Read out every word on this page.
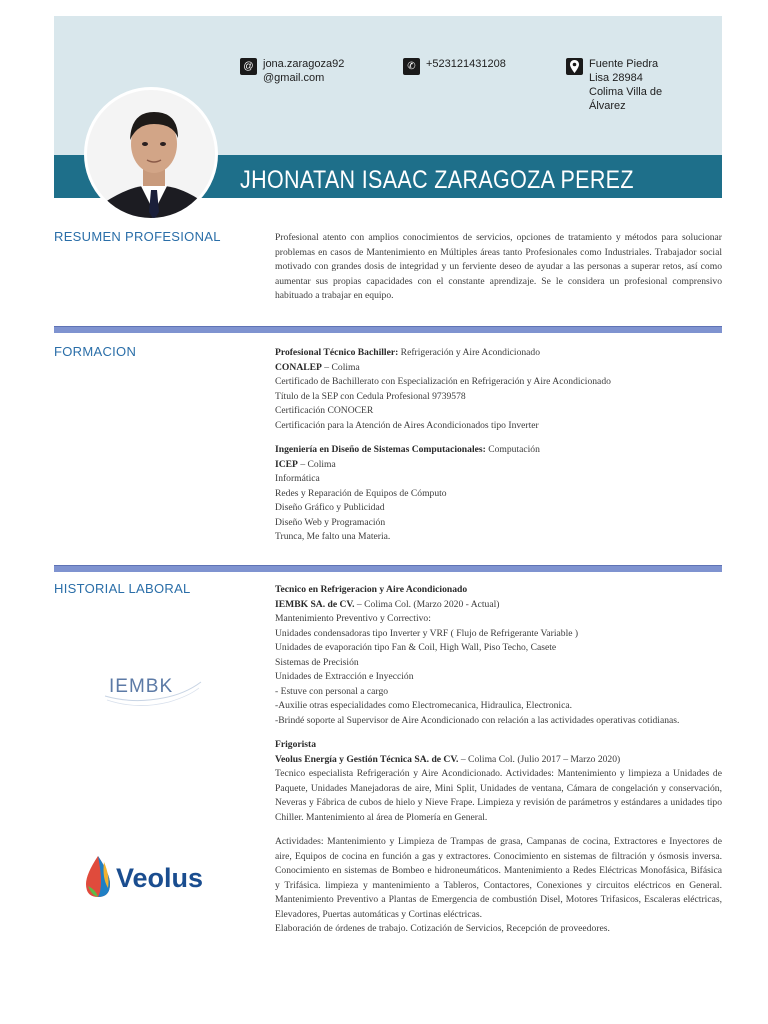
JHONATAN ISAAC ZARAGOZA PEREZ
@ jona.zaragoza92
@gmail.com
✆ +523121431208	Fuente Piedra
Lisa 28984
Colima Villa de
Álvarez
RESUMEN PROFESIONAL	Profesional atento con amplios conocimientos de servicios, opciones de tratamiento y métodos para solucionar problemas en casos de Mantenimiento en Múltiples áreas tanto Profesionales como Industriales. Trabajador social motivado con grandes dosis de integridad y un ferviente deseo de ayudar a las personas a superar retos, así como aumentar sus propias capacidades con el constante aprendizaje. Se le considera un profesional comprensivo habituado a trabajar en equipo.
FORMACION	Profesional Técnico Bachiller: Refrigeración y Aire Acondicionado
CONALEP – Colima
Certificado de Bachillerato con Especialización en Refrigeración y Aire Acondicionado
Título de la SEP con Cedula Profesional 9739578
Certificación CONOCER
Certificación para la Atención de Aires Acondicionados tipo Inverter
Ingeniería en Diseño de Sistemas Computacionales: Computación
ICEP – Colima
Informática
Redes y Reparación de Equipos de Cómputo
Diseño Gráfico y Publicidad
Diseño Web y Programación
Trunca, Me falto una Materia.
HISTORIAL LABORAL
IEMBK
Tecnico en Refrigeracion y Aire Acondicionado
IEMBK SA. de CV. – Colima Col. (Marzo 2020 - Actual)
Mantenimiento Preventivo y Correctivo:
Unidades condensadoras tipo Inverter y VRF ( Flujo de Refrigerante Variable )
Unidades de evaporación tipo Fan & Coil, High Wall, Piso Techo, Casete
Sistemas de Precisión
Unidades de Extracción e Inyección
- Estuve con personal a cargo
-Auxilie otras especialidades como Electromecanica, Hidraulica, Electronica.
-Brindé soporte al Supervisor de Aire Acondicionado con relación a las actividades operativas cotidianas.
Frigorista
Veolus Energía y Gestión Técnica SA. de CV. – Colima Col. (Julio 2017 – Marzo 2020)
Tecnico especialista Refrigeración y Aire Acondicionado. Actividades: Mantenimiento y limpieza a Unidades de Paquete, Unidades Manejadoras de aire, Mini Split, Unidades de ventana, Cámara de congelación y conservación, Neveras y Fábrica de cubos de hielo y Nieve Frape. Limpieza y revisión de parámetros y estándares a unidades tipo Chiller. Mantenimiento al área de Plomería en General.
Actividades: Mantenimiento y Limpieza de Trampas de grasa, Campanas de cocina, Extractores e Inyectores de aire, Equipos de cocina en función a gas y extractores. Conocimiento en sistemas de filtración y ósmosis inversa. Conocimiento en sistemas de Bombeo e hidroneumáticos. Mantenimiento a Redes Eléctricas Monofásica, Bifásica y Trifásica. limpieza y mantenimiento a Tableros, Contactores, Conexiones y circuitos eléctricos en General. Mantenimiento Preventivo a Plantas de Emergencia de combustión Disel, Motores Trifasicos, Escaleras eléctricas, Elevadores, Puertas automáticas y Cortinas eléctricas.
Elaboración de órdenes de trabajo. Cotización de Servicios, Recepción de proveedores.
Veolus
